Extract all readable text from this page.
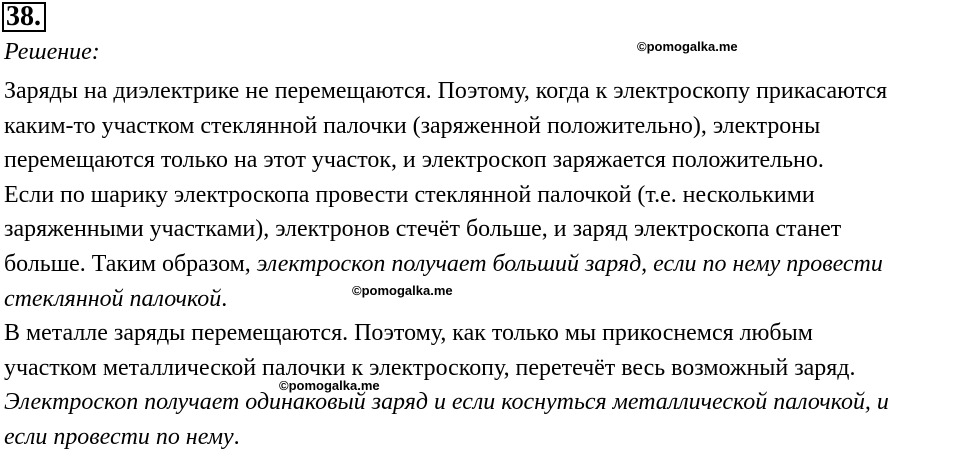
38.
Решение:
Заряды на диэлектрике не перемещаются. Поэтому, когда к электроскопу прикасаются
каким-то участком стеклянной палочки (заряженной положительно), электроны
перемещаются только на этот участок, и электроскоп заряжается положительно.
Если по шарику электроскопа провести стеклянной палочкой (т.е. несколькими
заряженными участками), электронов стечёт больше, и заряд электроскопа станет
больше. Таким образом, электроскоп получает больший заряд, если по нему провести
стеклянной палочкой.
В металле заряды перемещаются. Поэтому, как только мы прикоснемся любым
участком металлической палочки к электроскопу, перетечёт весь возможный заряд.
Электроскоп получает одинаковый заряд и если коснуться металлической палочкой, и
если провести по нему.
©pomogalka.me
©pomogalka.me
©pomogalka.me
